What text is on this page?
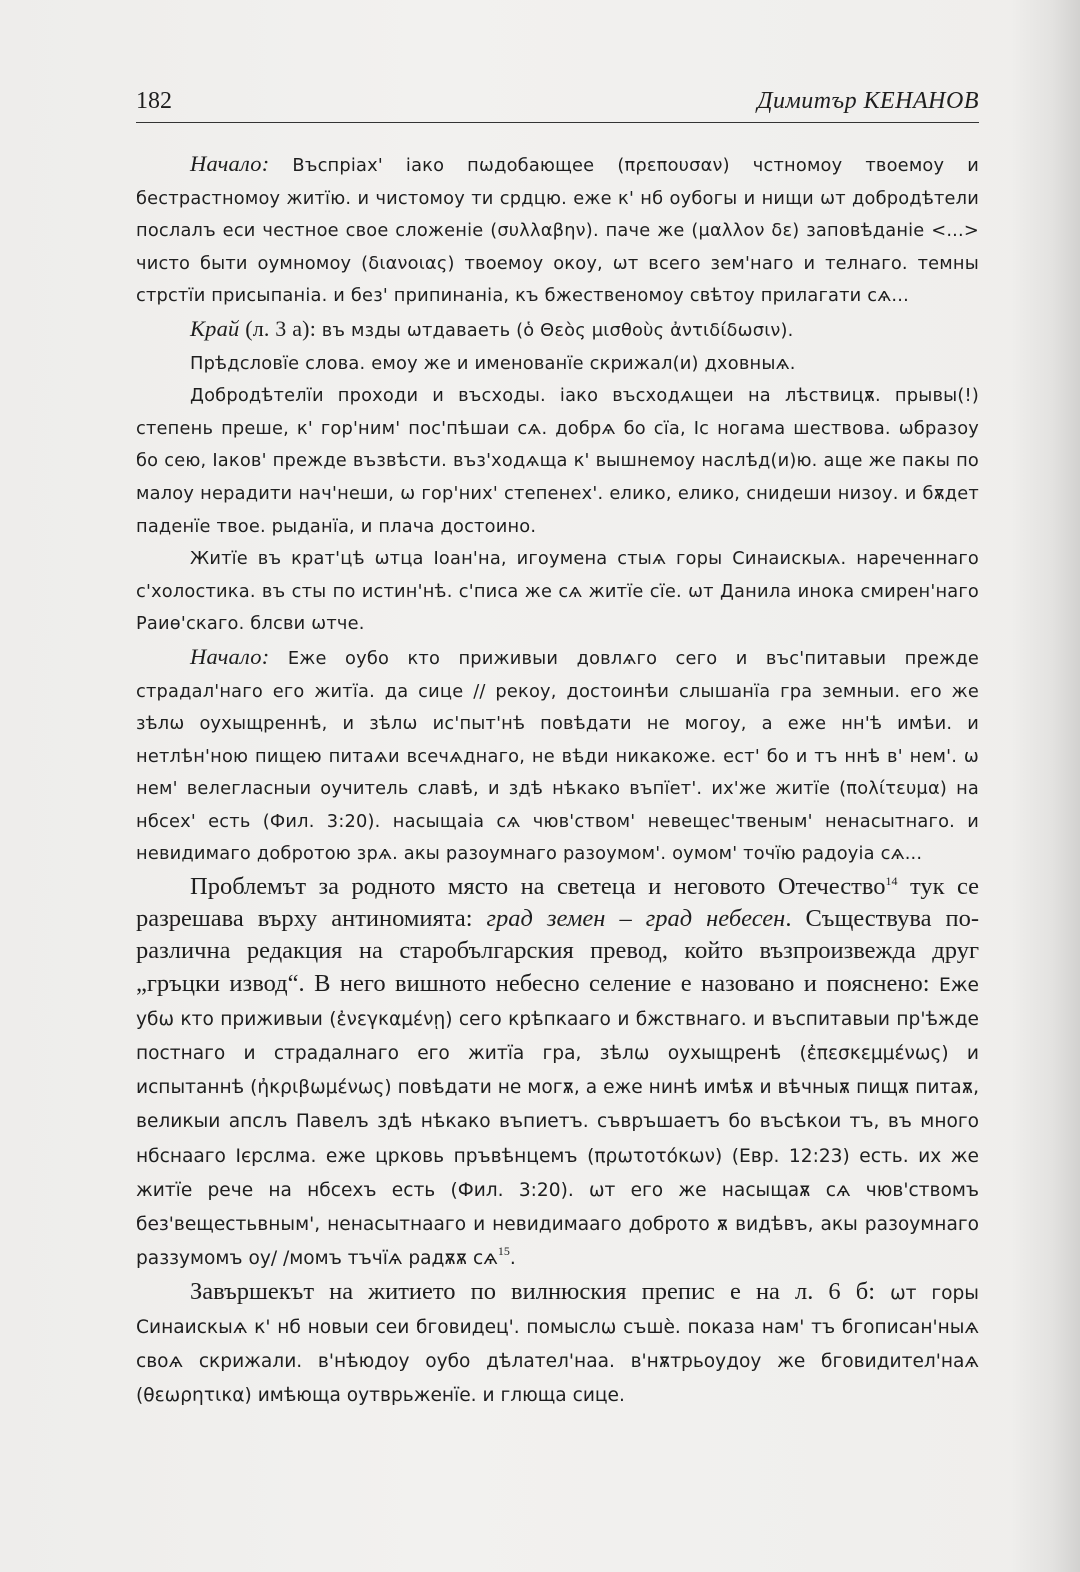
182	Димитър КЕНАНОВ

Начало: Въспріах' іако пωдобающее (πρεπουσαν) чстномоу твоемоу и бестрастномоу житїю. и чистомоу ти срдцю. еже к' нб оубогы и нищи ωт добродѣтели послалъ еси честное свое сложеніе (συλλαβην). паче же (μαλλον δε) заповѣданіе <...> чисто быти оумномоу (διανοιας) твоемоу окоу, ωт всего зем'наго и телнаго. темны стрстїи присыпаніа. и без' припинаніа, къ бжественомоу свѣтоу прилагати сѧ...

Край (л. 3 а): въ мзды ωтдаваеть (ὁ Θεὸς μισθοὺς ἀντιδίδωσιν).

Прѣдсловїе слова. емоу же и именованїе скрижал(и) дховныѧ.

Добродѣтелїи проходи и въсходы. іако въсходѧщеи на лѣствицѫ. прывы(!) степень преше, к' гор'ним' пос'пѣшаи сѧ. добрѧ бо сїа, Іс ногама шествова. ωбразоу бо сею, Іаков' прежде възвѣсти. въз'ходѧща к' вышнемоу наслѣд(и)ю. аще же пакы по малоу нерадити нач'неши, ω гор'них' степенех'. елико, елико, снидеши низоу. и бѫдет паденїе твое. рыданїа, и плача достоино.

Житїе въ крат'цѣ ωтца Іоан'на, игоумена стыѧ горы Синаискыѧ. нареченнаго с'холостика. въ сты по истин'нѣ. с'писа же сѧ житїе сїе. ωт Данила инока смирен'наго Раиѳ'скаго. блсви ωтче.

Начало: Еже оубо кто приживыи довлѧго сего и въс'питавыи прежде страдал'наго его житїа. да сице // рекоу, достоинѣи слышанїа гра земныи. его же зѣлω оухыщреннѣ, и зѣлω ис'пыт'нѣ повѣдати не могоу, а еже нн'ѣ имѣи. и нетлѣн'ною пищею питаѧи всечѧднаго, не вѣди никакоже. ест' бо и тъ ннѣ в' нем'. ω нем' велегласныи оучитель славѣ, и здѣ нѣкако въпїет'. их'же житїе (πολίτευμα) на нбсех' есть (Фил. 3:20). насыщаіа сѧ чюв'ством' невещес'твеным' ненасытнаго. и невидимаго добротою зрѧ. акы разоумнаго разоумом'. оумом' точїю радоуіа сѧ...

Проблемът за родното място на светеца и неговото Отечество$^{14}$ тук се разрешава върху антиномията: град земен – град небесен. Съществува по-различна редакция на старобългарския превод, който възпроизвежда друг „гръцки извод“. В него вишното небесно селение е назовано и пояснено: Еже убω кто приживыи (ἐνεγκαμένῃ) сего крѣпкааго и бжствнаго. и въспитавыи пр'ѣжде постнаго и страдалнаго его житїа гра, зѣлω оухыщренѣ (ἐπεσκεμμένως) и испытаннѣ (ἠκριβωμένως) повѣдати не могѫ, а еже нинѣ имѣѫ и вѣчныѫ пищѫ питаѫ, великыи апслъ Павелъ здѣ нѣкако въпиетъ. съвръшаетъ бо въсѣкои тъ, въ много нбснааго Ієрслма. еже црковь пръвѣнцемъ (πρωτοτόκων) (Евр. 12:23) есть. их же житїе рече на нбсехъ есть (Фил. 3:20). ωт его же насыщаѫ сѧ чюв'ствомъ без'вещестьвным', ненасытнааго и невидимааго доброто ѫ видѣвъ, акы разоумнаго раззумомъ оу/ /момъ тъчїѧ радѫѫ $сѧ^{15}$.

Завършекът на житието по вилнюския препис е на л. 6 б: ωт горы Синаискыѧ к' нб новыи сеи бговидец'. помыслω съшѐ. показа нам' тъ бгописан'ныѧ своѧ скрижали. в'нѣюдоу оубо дѣлател'наа. в'нѫтрьоудоу же бговидител'наѧ (θεωρητικα) имѣюща оутврьженїе. и глюща сице.
